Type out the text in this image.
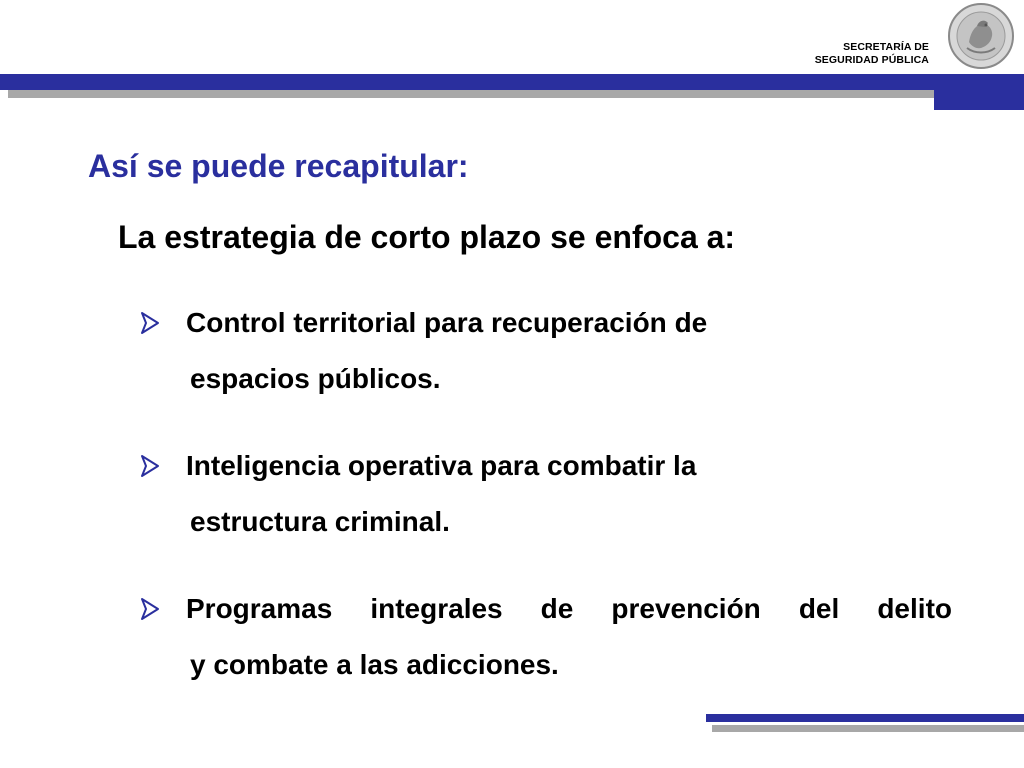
SECRETARÍA DE
SEGURIDAD PÚBLICA
Así se puede recapitular:
La estrategia de corto plazo se enfoca a:
Control territorial para recuperación de
espacios públicos.
Inteligencia operativa para combatir la
estructura criminal.
Programas integrales de prevención del delito
y combate a las adicciones.
